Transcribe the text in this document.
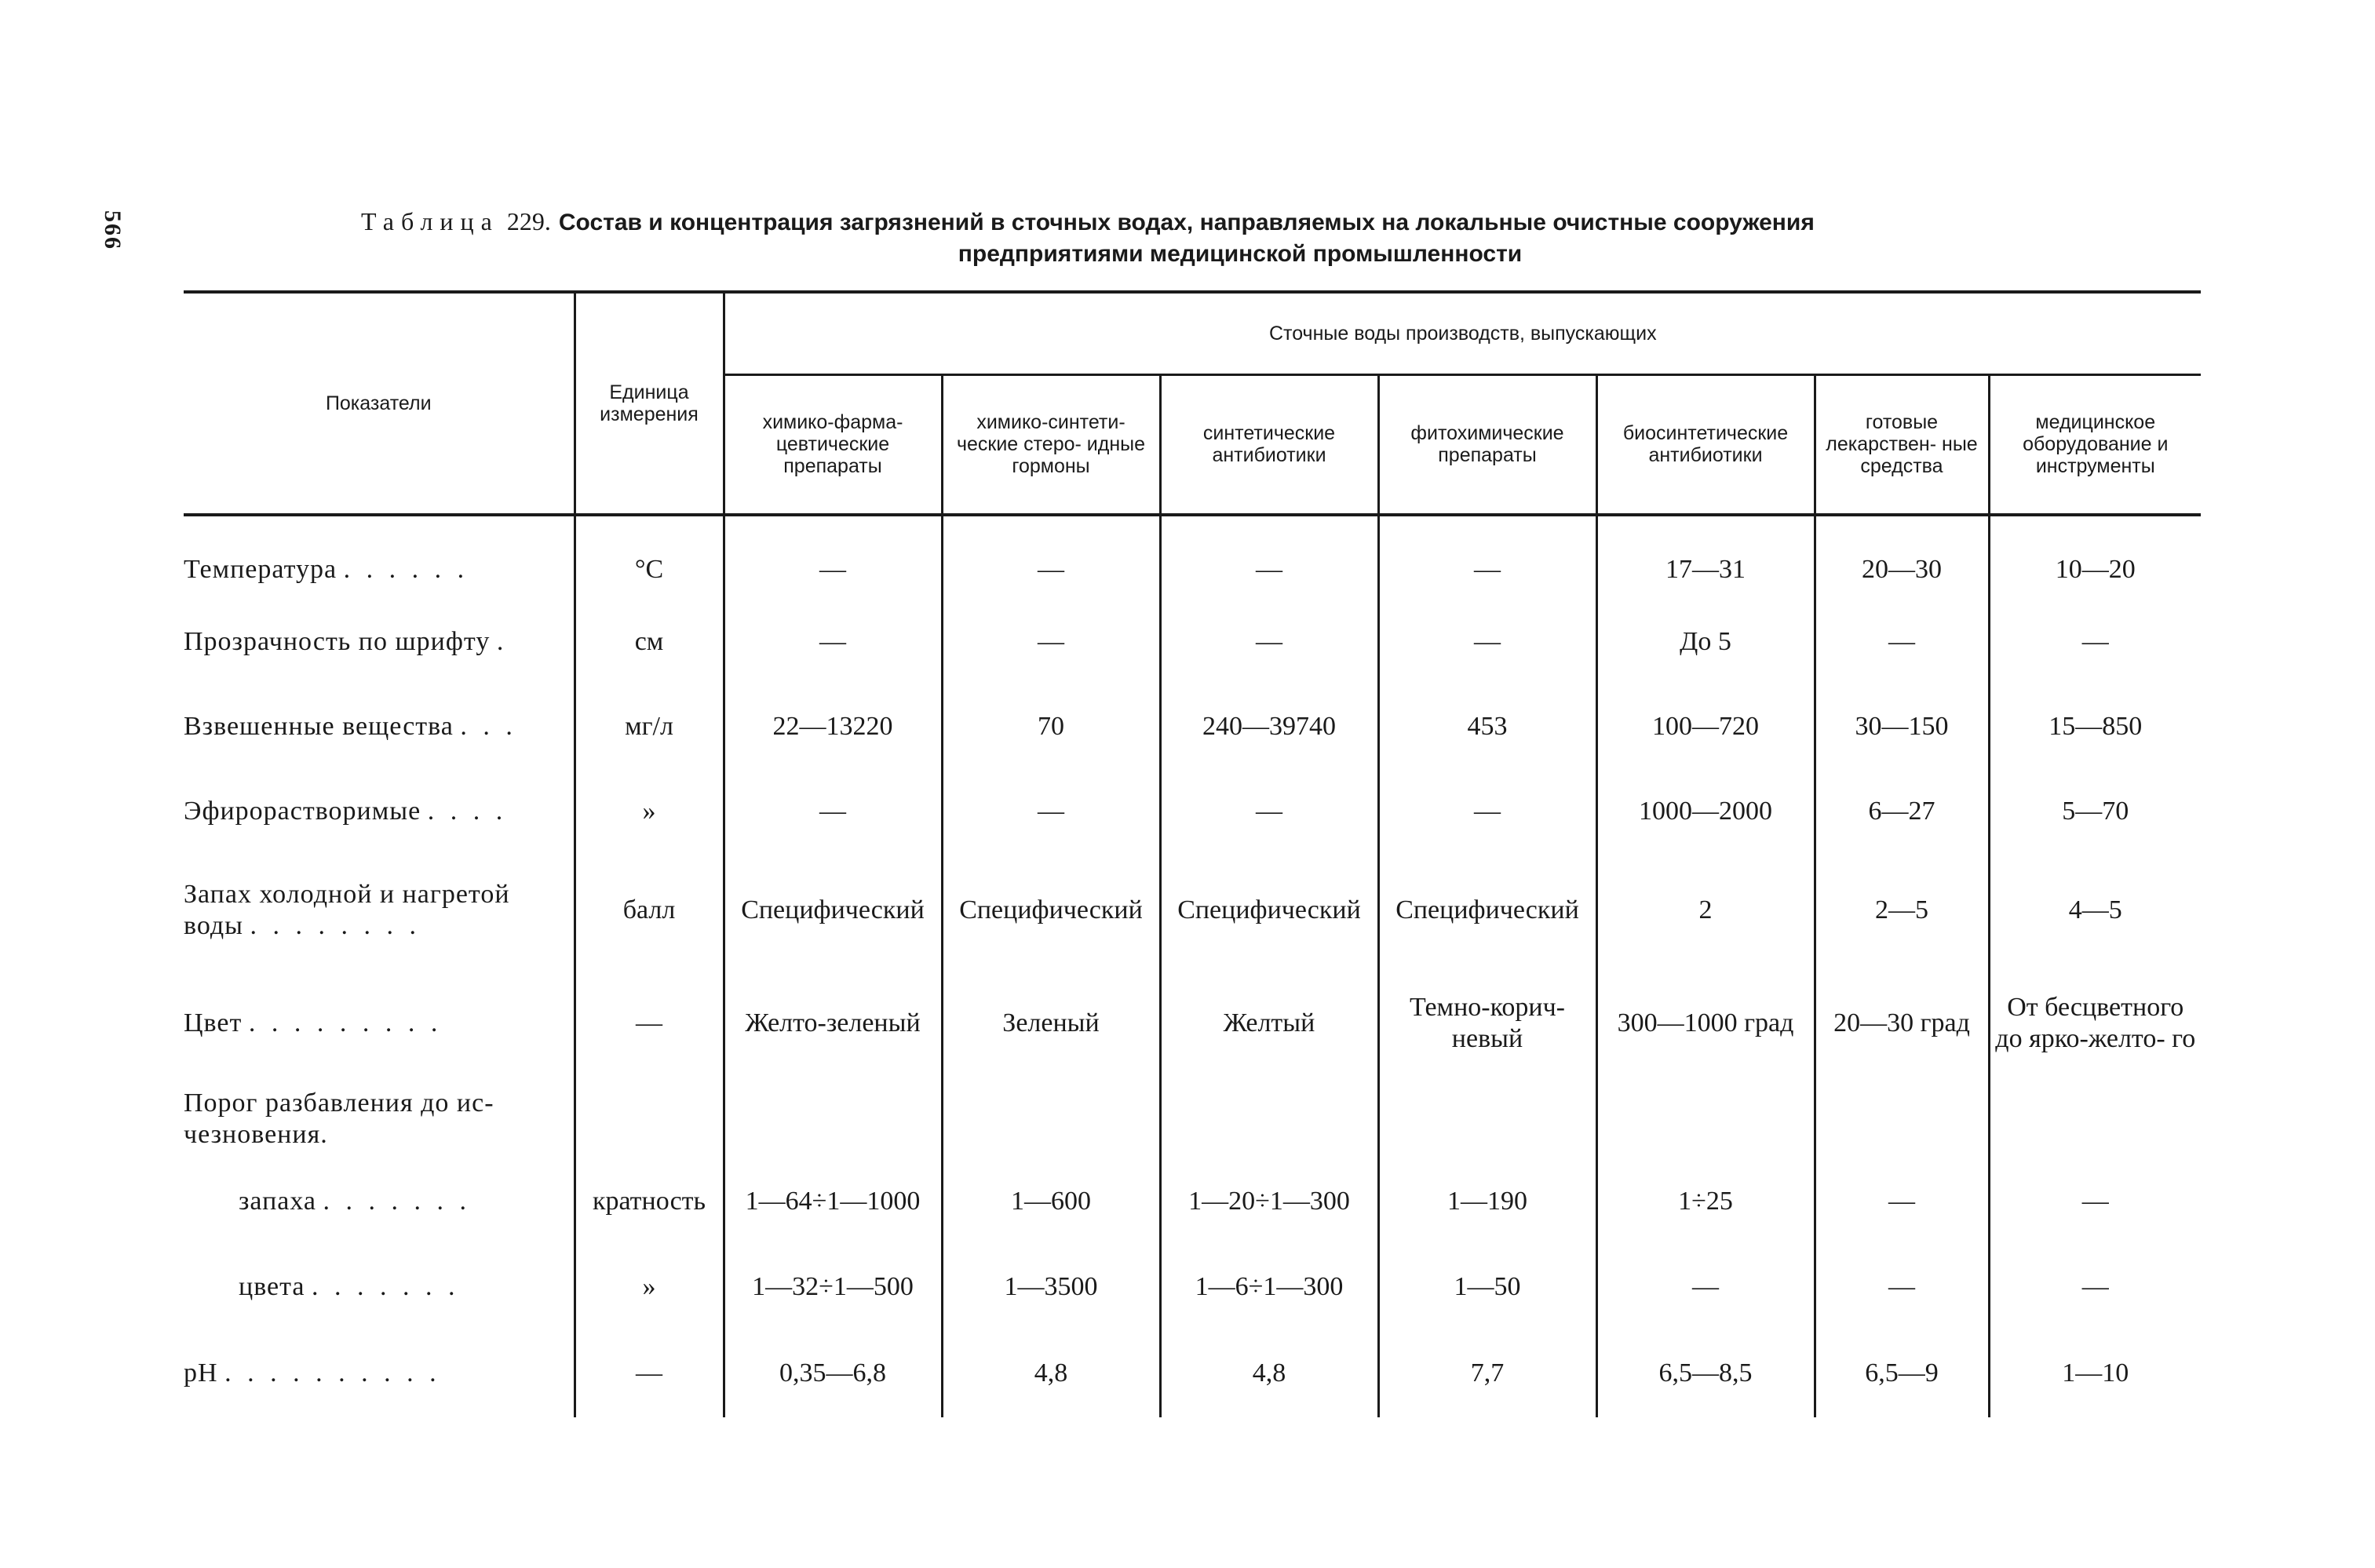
566	Таблица 229. Состав и концентрация загрязнений в сточных водах, направляемых на локальные очистные сооружения
предприятиями медицинской промышленности
Показатели	Единица измерения	Сточные воды производств, выпускающих						
		химико-фарма- цевтические препараты	химико-синтети- ческие стеро- идные гормоны	синтетические антибиотики	фитохимические препараты	биосинтетические антибиотики	готовые лекарствен- ные средства	медицинское оборудование и инструменты
Температура . . . . . .	°С	—	—	—	—	17—31	20—30	10—20
Прозрачность по шрифту .	см	—	—	—	—	До 5	—	—
Взвешенные вещества . . .	мг/л	22—13220	70	240—39740	453	100—720	30—150	15—850
Эфирорастворимые . . . .	»	—	—	—	—	1000—2000	6—27	5—70
Запах холодной и нагретой воды . . . . . . . .	балл	Специфический	Специфический	Специфический	Специфический	2	2—5	4—5
Цвет . . . . . . . . .	—	Желто-зеленый	Зеленый	Желтый	Темно-корич- невый	300—1000 град	20—30 град	От бесцветного до ярко-желто- го
Порог разбавления до ис- чезновения.								
запаха . . . . . . .	кратность	1—64÷1—1000	1—600	1—20÷1—300	1—190	1÷25	—	—
цвета . . . . . . .	»	1—32÷1—500	1—3500	1—6÷1—300	1—50	—	—	—
pH . . . . . . . . . .	—	0,35—6,8	4,8	4,8	7,7	6,5—8,5	6,5—9	1—10
